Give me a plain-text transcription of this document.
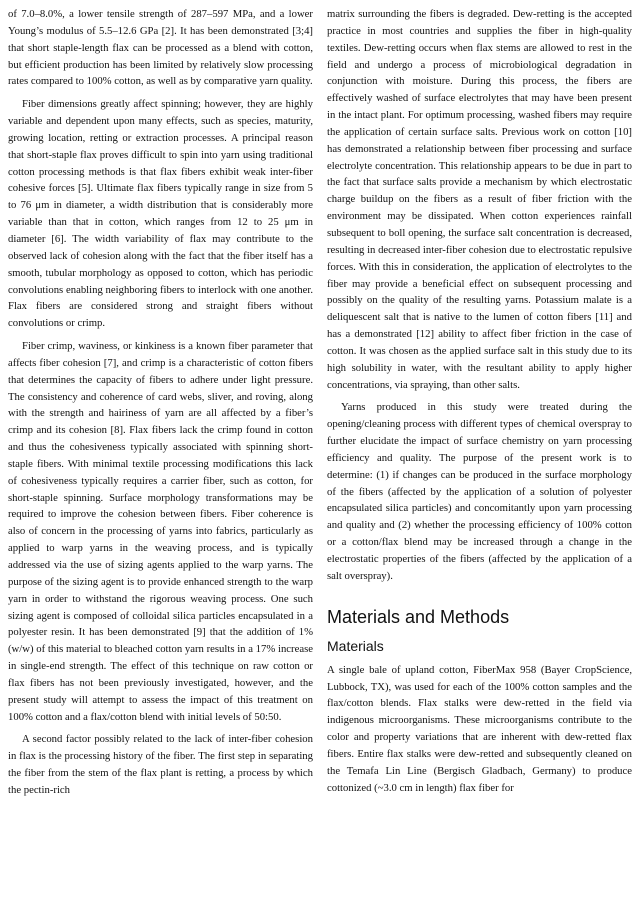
of 7.0–8.0%, a lower tensile strength of 287–597 MPa, and a lower Young’s modulus of 5.5–12.6 GPa [2]. It has been demonstrated [3;4] that short staple-length flax can be processed as a blend with cotton, but efficient production has been limited by relatively slow processing rates compared to 100% cotton, as well as by comparative yarn quality.

Fiber dimensions greatly affect spinning; however, they are highly variable and dependent upon many effects, such as species, maturity, growing location, retting or extraction processes. A principal reason that short-staple flax proves difficult to spin into yarn using traditional cotton processing methods is that flax fibers exhibit weak inter-fiber cohesive forces [5]. Ultimate flax fibers typically range in size from 5 to 76 μm in diameter, a width distribution that is considerably more variable than that in cotton, which ranges from 12 to 25 μm in diameter [6]. The width variability of flax may contribute to the observed lack of cohesion along with the fact that the fiber itself has a smooth, tubular morphology as opposed to cotton, which has periodic convolutions enabling neighboring fibers to interlock with one another. Flax fibers are considered strong and straight fibers without convolutions or crimp.

Fiber crimp, waviness, or kinkiness is a known fiber parameter that affects fiber cohesion [7], and crimp is a characteristic of cotton fibers that determines the capacity of fibers to adhere under light pressure. The consistency and coherence of card webs, sliver, and roving, along with the strength and hairiness of yarn are all affected by a fiber’s crimp and its cohesion [8]. Flax fibers lack the crimp found in cotton and thus the cohesiveness typically associated with spinning short-staple fibers. With minimal textile processing modifications this lack of cohesiveness typically requires a carrier fiber, such as cotton, for short-staple spinning. Surface morphology transformations may be required to improve the cohesion between fibers. Fiber coherence is also of concern in the processing of yarns into fabrics, particularly as applied to warp yarns in the weaving process, and is typically addressed via the use of sizing agents applied to the warp yarns. The purpose of the sizing agent is to provide enhanced strength to the warp yarn in order to withstand the rigorous weaving process. One such sizing agent is composed of colloidal silica particles encapsulated in a polyester resin. It has been demonstrated [9] that the addition of 1% (w/w) of this material to bleached cotton yarn results in a 17% increase in single-end strength. The effect of this technique on raw cotton or flax fibers has not been previously investigated, however, and the present study will attempt to assess the impact of this treatment on 100% cotton and a flax/cotton blend with initial levels of 50:50.

A second factor possibly related to the lack of inter-fiber cohesion in flax is the processing history of the fiber. The first step in separating the fiber from the stem of the flax plant is retting, a process by which the pectin-rich

matrix surrounding the fibers is degraded. Dew-retting is the accepted practice in most countries and supplies the fiber in high-quality textiles. Dew-retting occurs when flax stems are allowed to rest in the field and undergo a process of microbiological degradation in conjunction with moisture. During this process, the fibers are effectively washed of surface electrolytes that may have been present in the intact plant. For optimum processing, washed fibers may require the application of certain surface salts. Previous work on cotton [10] has demonstrated a relationship between fiber processing and surface electrolyte concentration. This relationship appears to be due in part to the fact that surface salts provide a mechanism by which electrostatic charge buildup on the fibers as a result of fiber friction with the environment may be dissipated. When cotton experiences rainfall subsequent to boll opening, the surface salt concentration is decreased, resulting in decreased inter-fiber cohesion due to electrostatic repulsive forces. With this in consideration, the application of electrolytes to the fiber may provide a beneficial effect on subsequent processing and possibly on the quality of the resulting yarns. Potassium malate is a deliquescent salt that is native to the lumen of cotton fibers [11] and has a demonstrated [12] ability to affect fiber friction in the case of cotton. It was chosen as the applied surface salt in this study due to its high solubility in water, with the resultant ability to apply higher concentrations, via spraying, than other salts.

Yarns produced in this study were treated during the opening/cleaning process with different types of chemical overspray to further elucidate the impact of surface chemistry on yarn processing efficiency and quality. The purpose of the present work is to determine: (1) if changes can be produced in the surface morphology of the fibers (affected by the application of a solution of polyester encapsulated silica particles) and concomitantly upon yarn processing and quality and (2) whether the processing efficiency of 100% cotton or a cotton/flax blend may be increased through a change in the electrostatic properties of the fibers (affected by the application of a salt overspray).

Materials and Methods
Materials

A single bale of upland cotton, FiberMax 958 (Bayer CropScience, Lubbock, TX), was used for each of the 100% cotton samples and the flax/cotton blends. Flax stalks were dew-retted in the field via indigenous microorganisms. These microorganisms contribute to the color and property variations that are inherent with dew-retted flax fibers. Entire flax stalks were dew-retted and subsequently cleaned on the Temafa Lin Line (Bergisch Gladbach, Germany) to produce cottonized (~3.0 cm in length) flax fiber for
